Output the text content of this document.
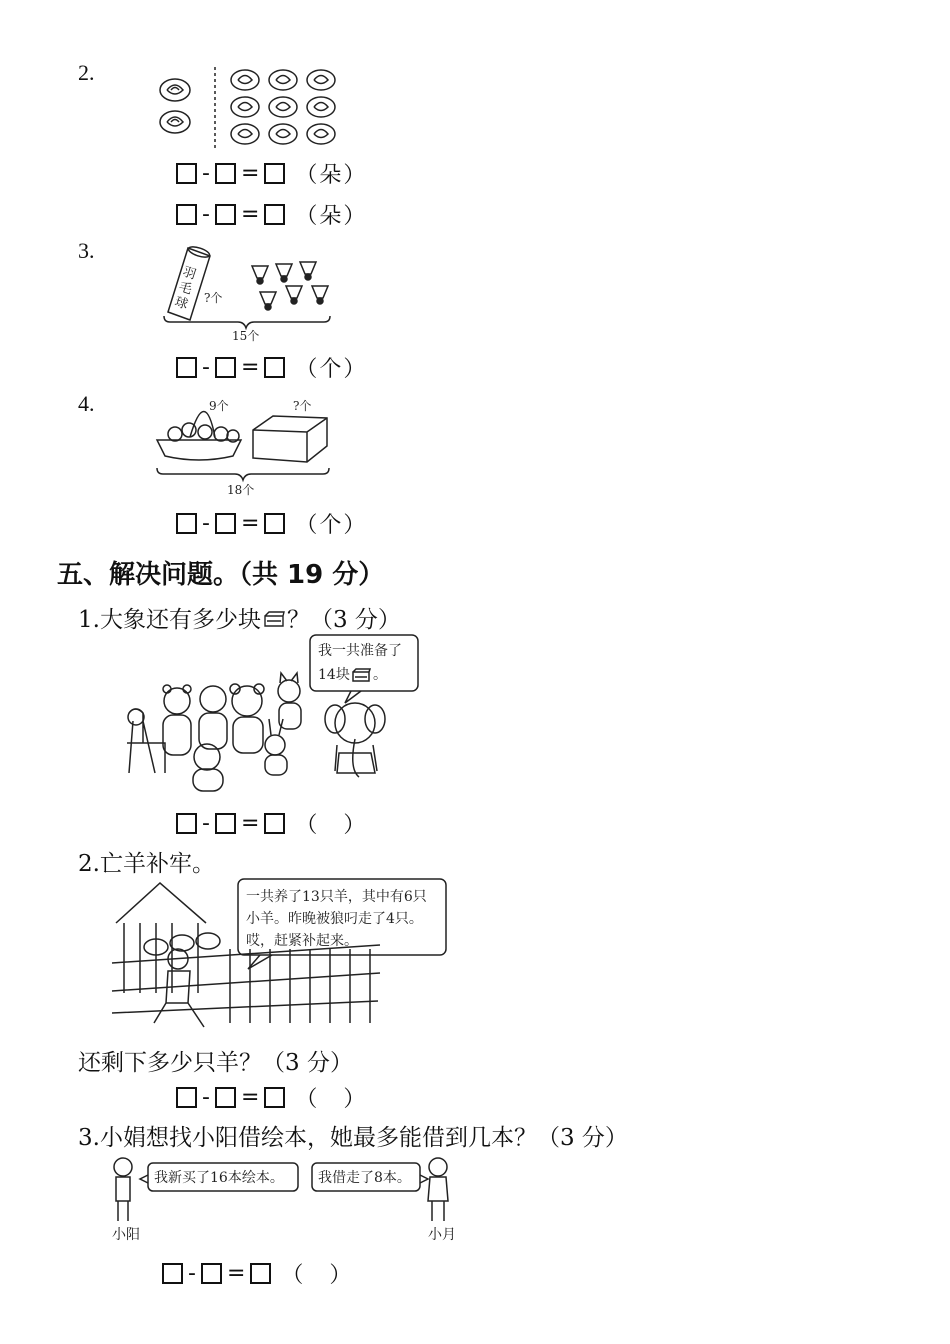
2.
- = （朵）
- = （朵）
3.
羽
毛
球 ?个
15个
- = （个）
4.	9个	?个
18个
- = （个）
五、解决问题。（共 19 分）
1.大象还有多少块 ？（3 分）
我一共准备了
14块 。
- = （　）
2.亡羊补牢。
一共养了13只羊，其中有6只
小羊。昨晚被狼叼走了4只。
哎，赶紧补起来。
还剩下多少只羊？（3 分）
- = （　）
3.小娟想找小阳借绘本，她最多能借到几本？（3 分）
小阳
我新买了16本绘本。 我借走了8本。
小月
- = （　）
